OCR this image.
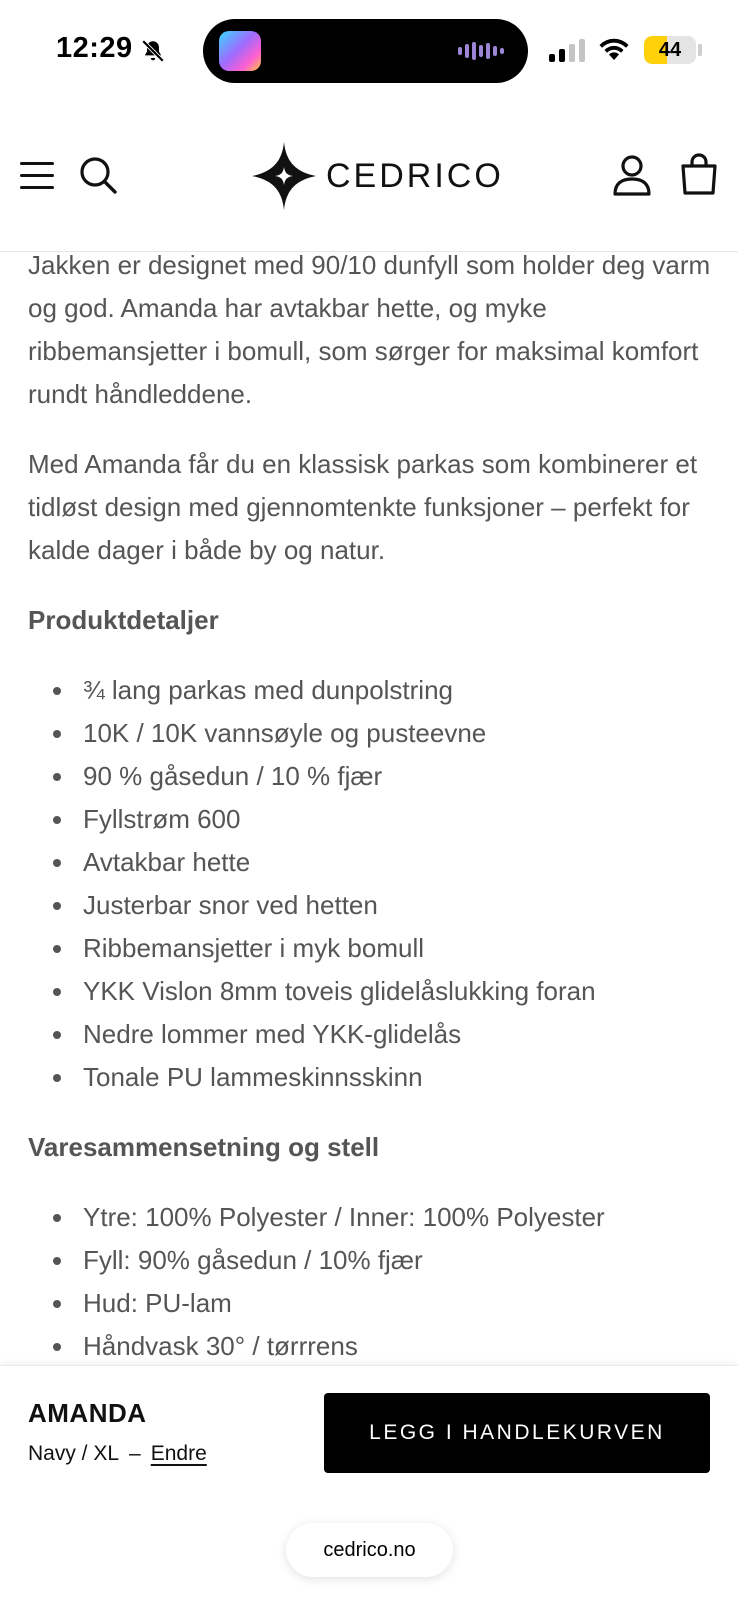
12:29	44
CEDRICO

Jakken er designet med 90/10 dunfyll som holder deg varm og god. Amanda har avtakbar hette, og myke ribbemansjetter i bomull, som sørger for maksimal komfort rundt håndleddene.

Med Amanda får du en klassisk parkas som kombinerer et tidløst design med gjennomtenkte funksjoner – perfekt for kalde dager i både by og natur.

Produktdetaljer
¾ lang parkas med dunpolstring
10K / 10K vannsøyle og pusteevne
90 % gåsedun / 10 % fjær
Fyllstrøm 600
Avtakbar hette
Justerbar snor ved hetten
Ribbemansjetter i myk bomull
YKK Vislon 8mm toveis glidelåslukking foran
Nedre lommer med YKK-glidelås
Tonale PU lammeskinnsskinn
Varesammensetning og stell
Ytre: 100% Polyester / Inner: 100% Polyester
Fyll: 90% gåsedun / 10% fjær
Hud: PU-lam
Håndvask 30° / tørrrens
AMANDA
Navy / XL – Endre
LEGG I HANDLEKURVEN
cedrico.no
